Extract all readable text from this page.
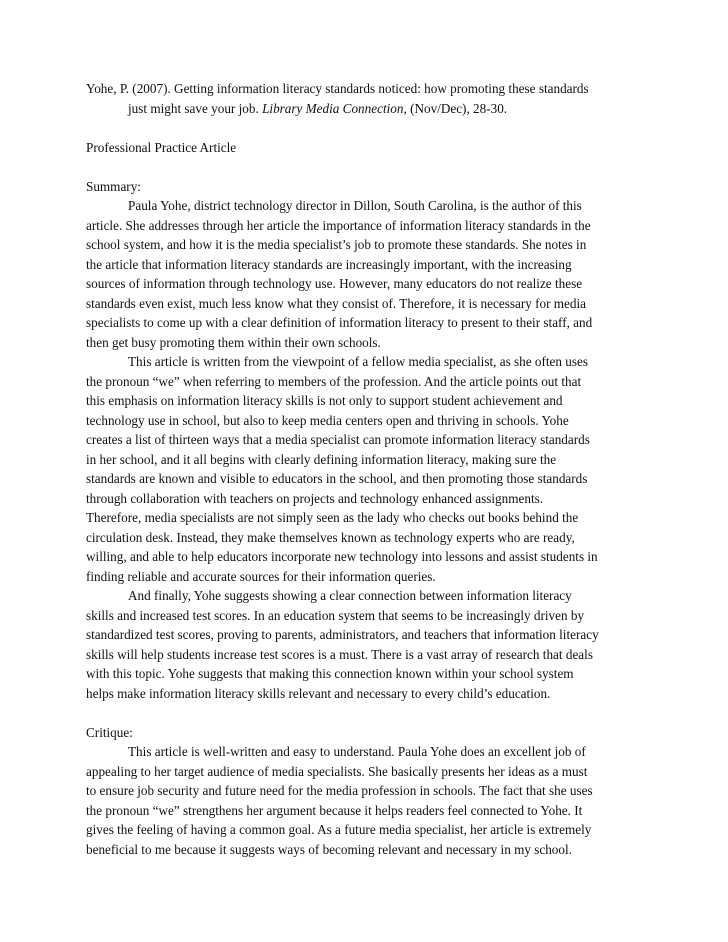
Yohe, P. (2007). Getting information literacy standards noticed: how promoting these standards
just might save your job. Library Media Connection, (Nov/Dec), 28-30.
Professional Practice Article
Summary:
Paula Yohe, district technology director in Dillon, South Carolina, is the author of this
article. She addresses through her article the importance of information literacy standards in the
school system, and how it is the media specialist’s job to promote these standards. She notes in
the article that information literacy standards are increasingly important, with the increasing
sources of information through technology use. However, many educators do not realize these
standards even exist, much less know what they consist of. Therefore, it is necessary for media
specialists to come up with a clear definition of information literacy to present to their staff, and
then get busy promoting them within their own schools.
This article is written from the viewpoint of a fellow media specialist, as she often uses
the pronoun “we” when referring to members of the profession. And the article points out that
this emphasis on information literacy skills is not only to support student achievement and
technology use in school, but also to keep media centers open and thriving in schools. Yohe
creates a list of thirteen ways that a media specialist can promote information literacy standards
in her school, and it all begins with clearly defining information literacy, making sure the
standards are known and visible to educators in the school, and then promoting those standards
through collaboration with teachers on projects and technology enhanced assignments.
Therefore, media specialists are not simply seen as the lady who checks out books behind the
circulation desk. Instead, they make themselves known as technology experts who are ready,
willing, and able to help educators incorporate new technology into lessons and assist students in
finding reliable and accurate sources for their information queries.
And finally, Yohe suggests showing a clear connection between information literacy
skills and increased test scores. In an education system that seems to be increasingly driven by
standardized test scores, proving to parents, administrators, and teachers that information literacy
skills will help students increase test scores is a must. There is a vast array of research that deals
with this topic. Yohe suggests that making this connection known within your school system
helps make information literacy skills relevant and necessary to every child’s education.
Critique:
This article is well-written and easy to understand. Paula Yohe does an excellent job of
appealing to her target audience of media specialists. She basically presents her ideas as a must
to ensure job security and future need for the media profession in schools. The fact that she uses
the pronoun “we” strengthens her argument because it helps readers feel connected to Yohe. It
gives the feeling of having a common goal. As a future media specialist, her article is extremely
beneficial to me because it suggests ways of becoming relevant and necessary in my school.
